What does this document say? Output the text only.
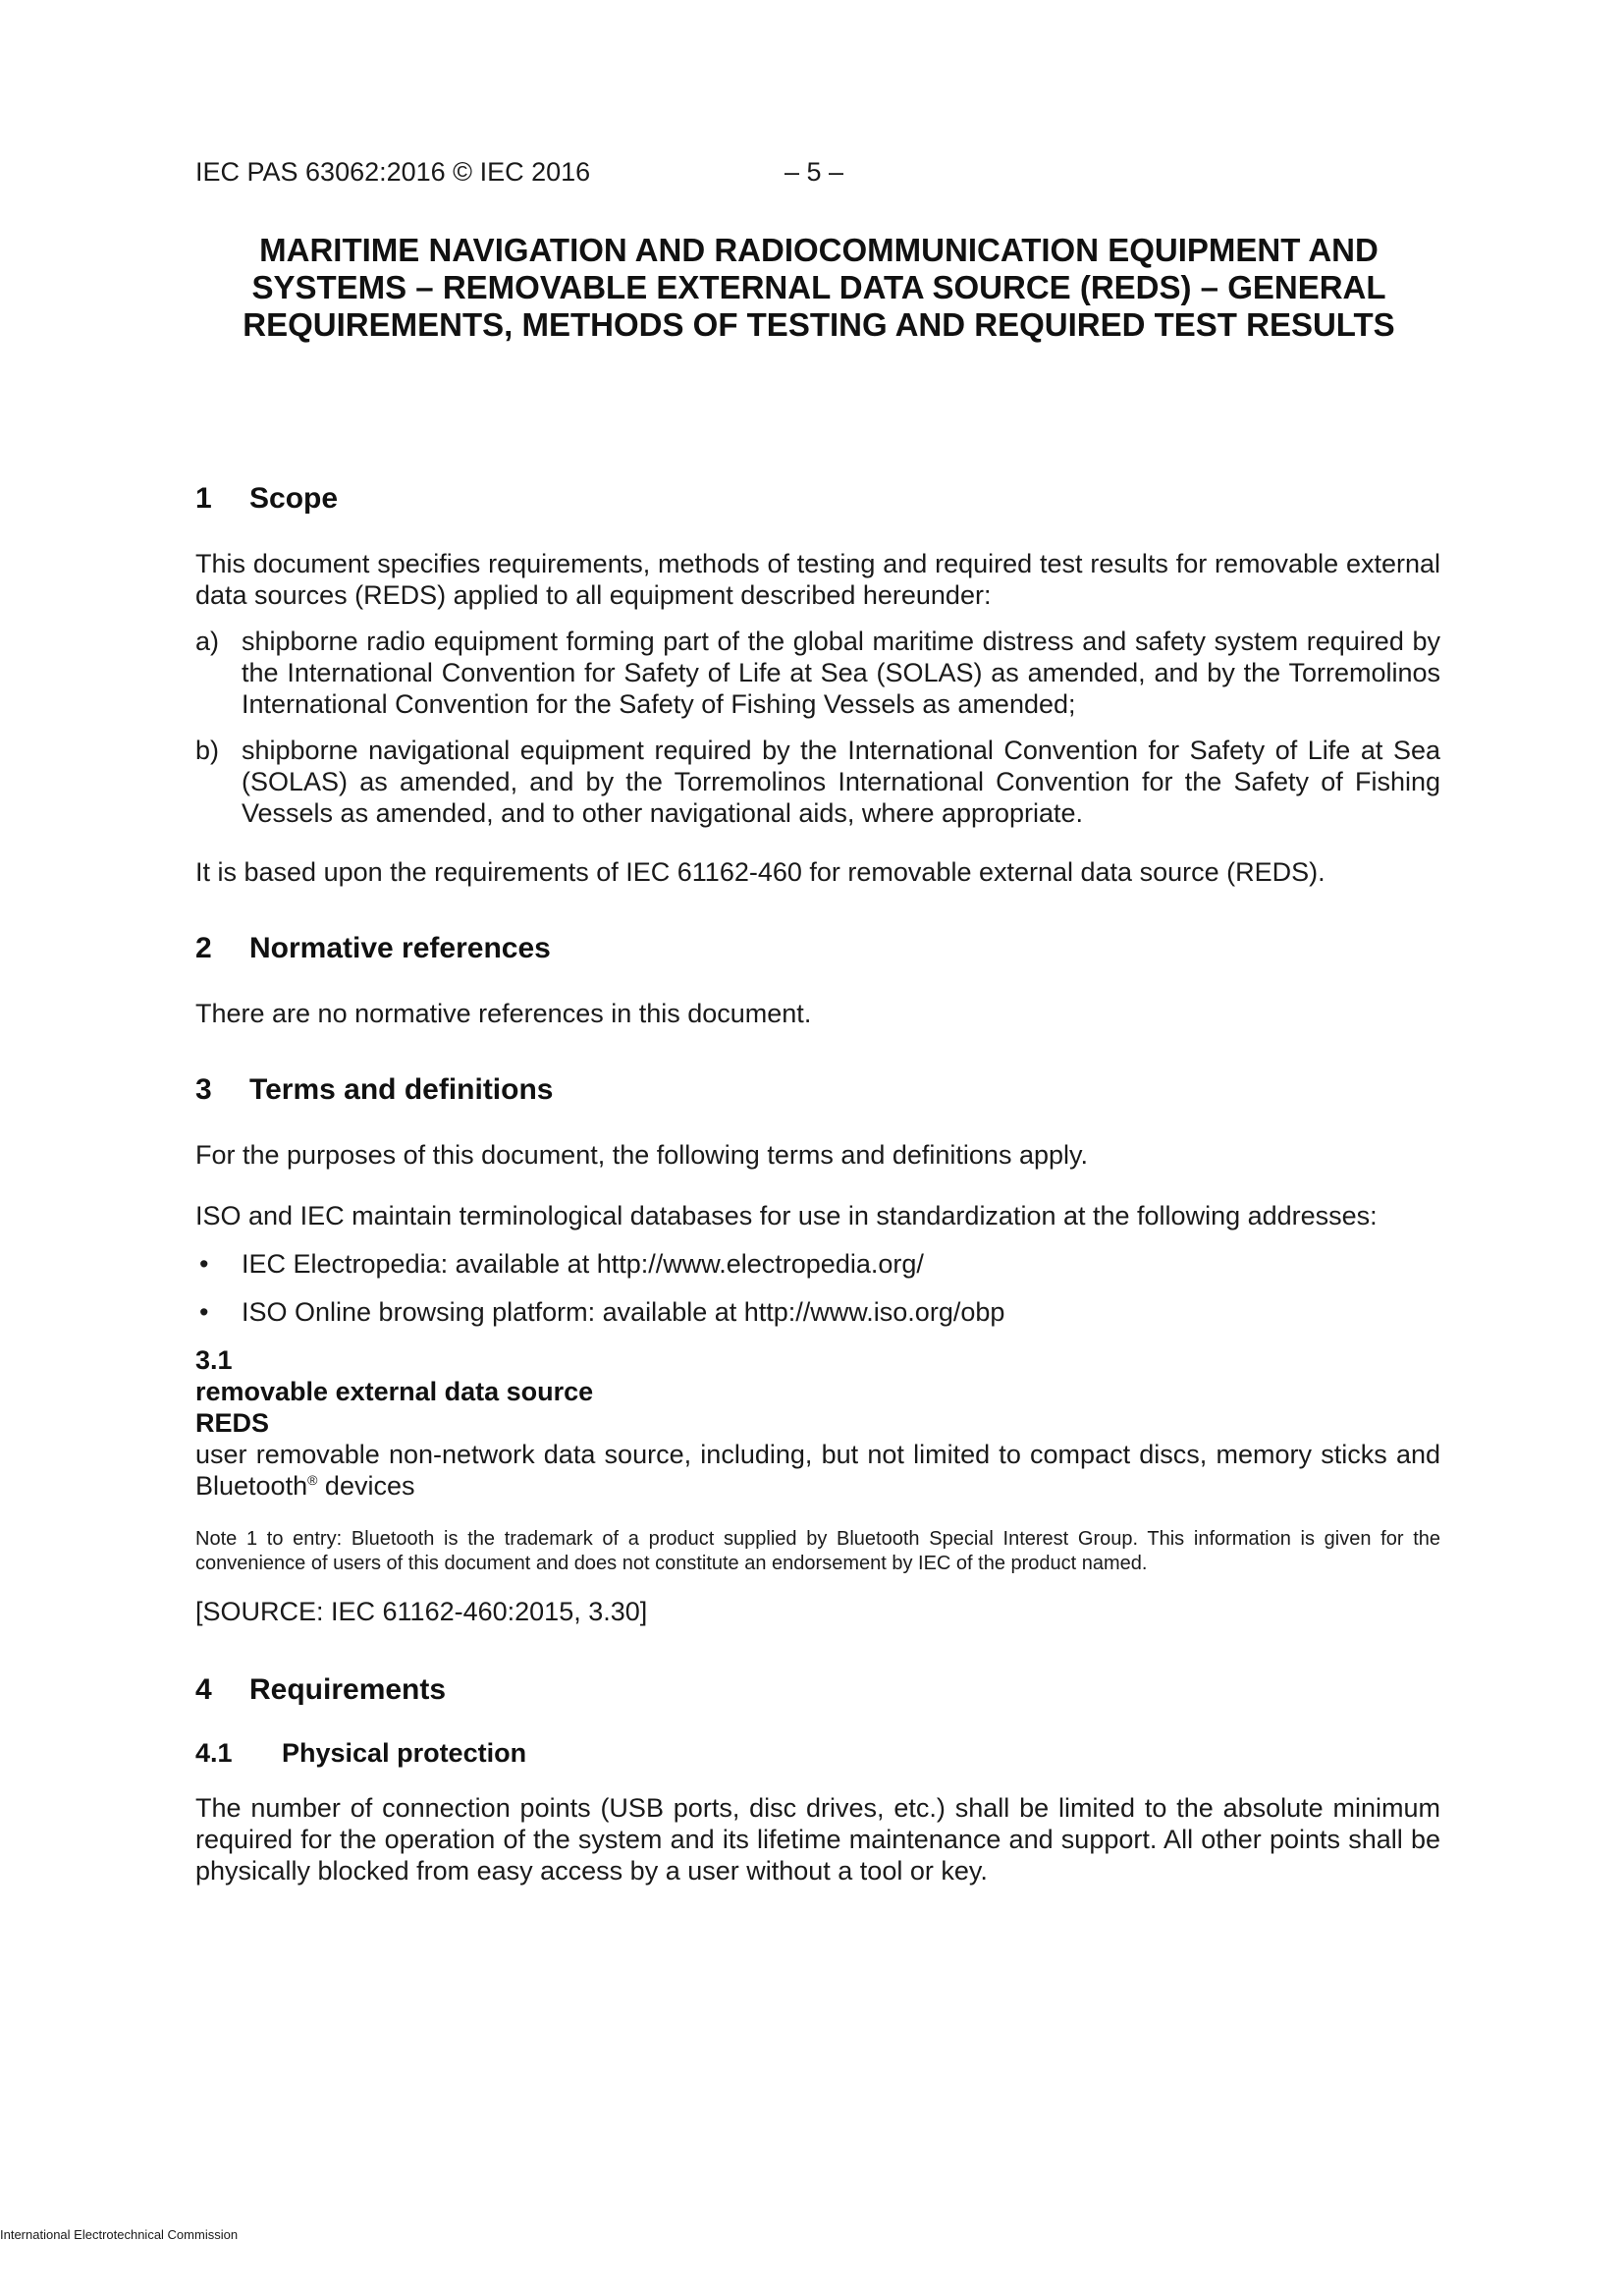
IEC PAS 63062:2016 © IEC 2016	– 5 –
MARITIME NAVIGATION AND RADIOCOMMUNICATION EQUIPMENT AND SYSTEMS – REMOVABLE EXTERNAL DATA SOURCE (REDS) – GENERAL REQUIREMENTS, METHODS OF TESTING AND REQUIRED TEST RESULTS
1 Scope

This document specifies requirements, methods of testing and required test results for removable external data sources (REDS) applied to all equipment described hereunder:

a) shipborne radio equipment forming part of the global maritime distress and safety system required by the International Convention for Safety of Life at Sea (SOLAS) as amended, and by the Torremolinos International Convention for the Safety of Fishing Vessels as amended;
b) shipborne navigational equipment required by the International Convention for Safety of Life at Sea (SOLAS) as amended, and by the Torremolinos International Convention for the Safety of Fishing Vessels as amended, and to other navigational aids, where appropriate.

It is based upon the requirements of IEC 61162-460 for removable external data source (REDS).

2 Normative references

There are no normative references in this document.

3 Terms and definitions

For the purposes of this document, the following terms and definitions apply.

ISO and IEC maintain terminological databases for use in standardization at the following addresses:

• IEC Electropedia: available at http://www.electropedia.org/
• ISO Online browsing platform: available at http://www.iso.org/obp
3.1
removable external data source
REDS

user removable non-network data source, including, but not limited to compact discs, memory sticks and Bluetooth® devices

Note 1 to entry: Bluetooth is the trademark of a product supplied by Bluetooth Special Interest Group. This information is given for the convenience of users of this document and does not constitute an endorsement by IEC of the product named.

[SOURCE: IEC 61162-460:2015, 3.30]

4 Requirements
4.1 Physical protection

The number of connection points (USB ports, disc drives, etc.) shall be limited to the absolute minimum required for the operation of the system and its lifetime maintenance and support. All other points shall be physically blocked from easy access by a user without a tool or key.

International Electrotechnical Commission
